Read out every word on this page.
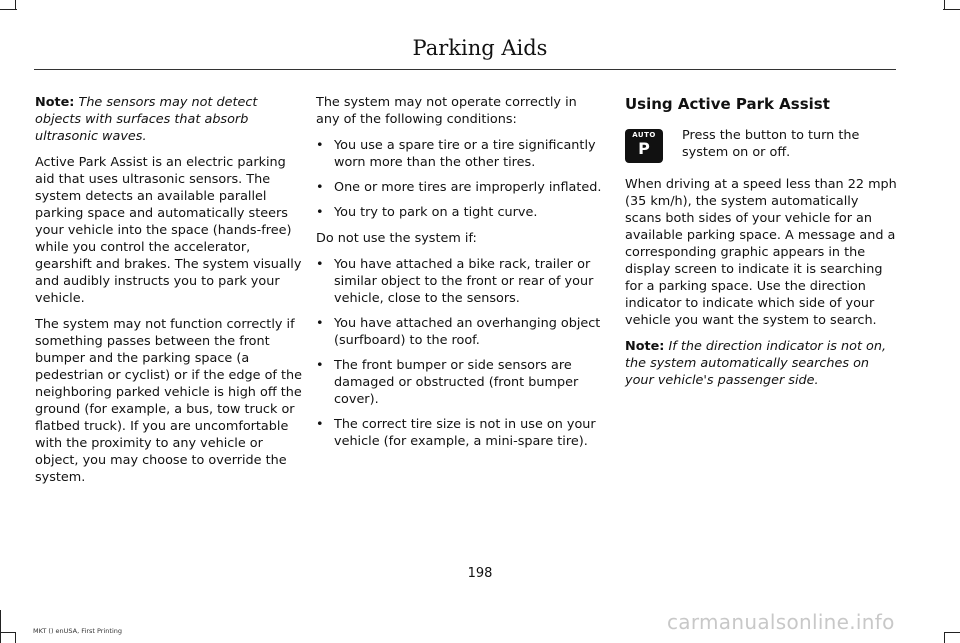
Parking Aids

Note: The sensors may not detect objects with surfaces that absorb ultrasonic waves.

Active Park Assist is an electric parking aid that uses ultrasonic sensors. The system detects an available parallel parking space and automatically steers your vehicle into the space (hands-free) while you control the accelerator, gearshift and brakes. The system visually and audibly instructs you to park your vehicle.

The system may not function correctly if something passes between the front bumper and the parking space (a pedestrian or cyclist) or if the edge of the neighboring parked vehicle is high off the ground (for example, a bus, tow truck or flatbed truck). If you are uncomfortable with the proximity to any vehicle or object, you may choose to override the system.

The system may not operate correctly in any of the following conditions:

• You use a spare tire or a tire significantly worn more than the other tires.
• One or more tires are improperly inflated.
• You try to park on a tight curve.

Do not use the system if:

• You have attached a bike rack, trailer or similar object to the front or rear of your vehicle, close to the sensors.
• You have attached an overhanging object (surfboard) to the roof.
• The front bumper or side sensors are damaged or obstructed (front bumper cover).
• The correct tire size is not in use on your vehicle (for example, a mini-spare tire).
Using Active Park Assist
AUTO
P
Press the button to turn the system on or off.

When driving at a speed less than 22 mph (35 km/h), the system automatically scans both sides of your vehicle for an available parking space. A message and a corresponding graphic appears in the display screen to indicate it is searching for a parking space. Use the direction indicator to indicate which side of your vehicle you want the system to search.

Note: If the direction indicator is not on, the system automatically searches on your vehicle's passenger side.

198
MKT () enUSA, First Printing	carmanualsonline.info
